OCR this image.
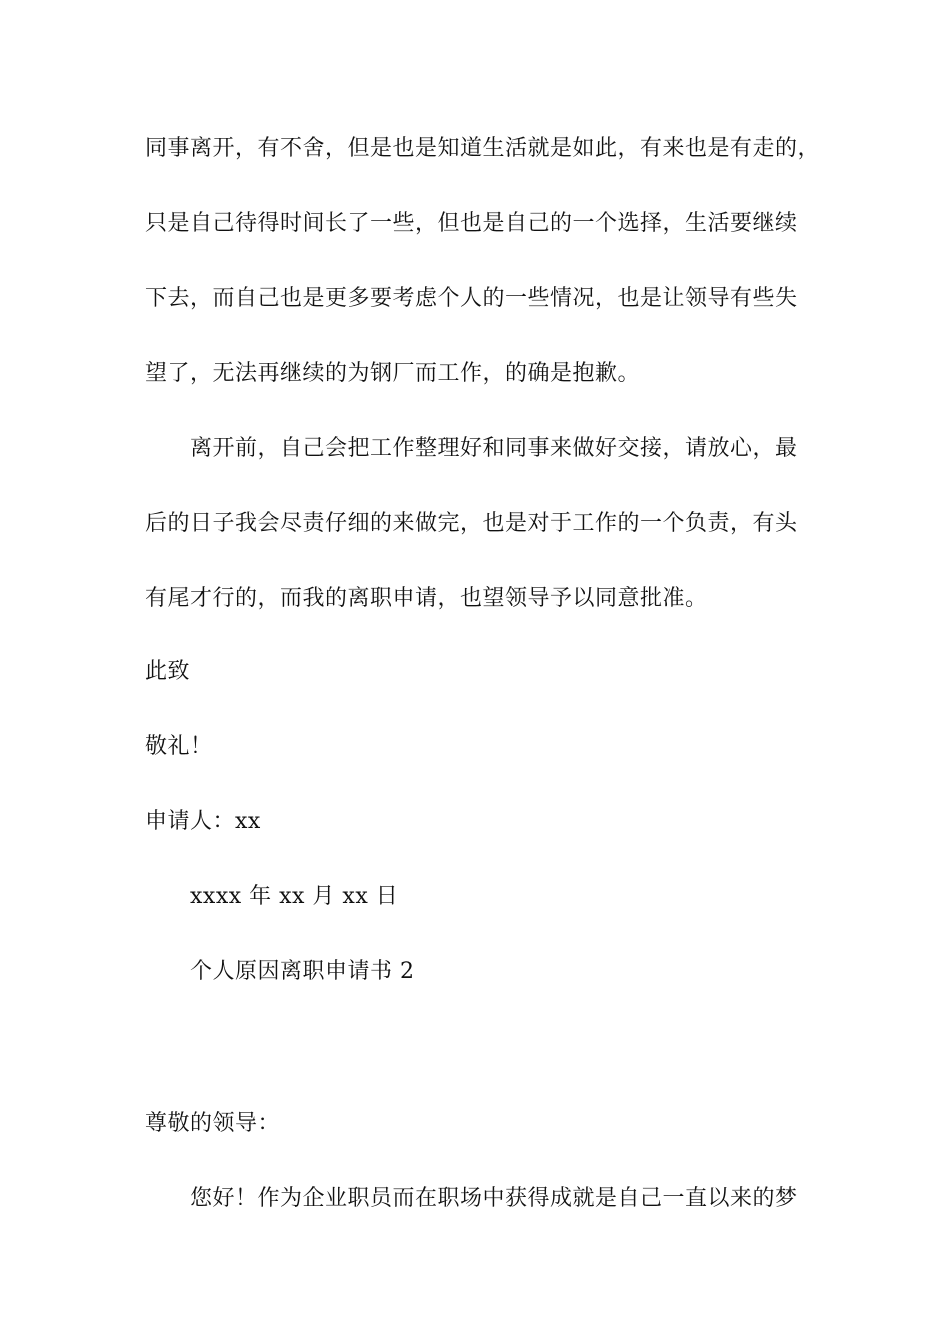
同事离开，有不舍，但是也是知道生活就是如此，有来也是有走的，
只是自己待得时间长了一些，但也是自己的一个选择，生活要继续
下去，而自己也是更多要考虑个人的一些情况，也是让领导有些失
望了，无法再继续的为钢厂而工作，的确是抱歉。
离开前，自己会把工作整理好和同事来做好交接，请放心，最
后的日子我会尽责仔细的来做完，也是对于工作的一个负责，有头
有尾才行的，而我的离职申请，也望领导予以同意批准。
此致
敬礼！
申请人：xx
xxxx 年 xx 月 xx 日
个人原因离职申请书 2
尊敬的领导：
您好！作为企业职员而在职场中获得成就是自己一直以来的梦
